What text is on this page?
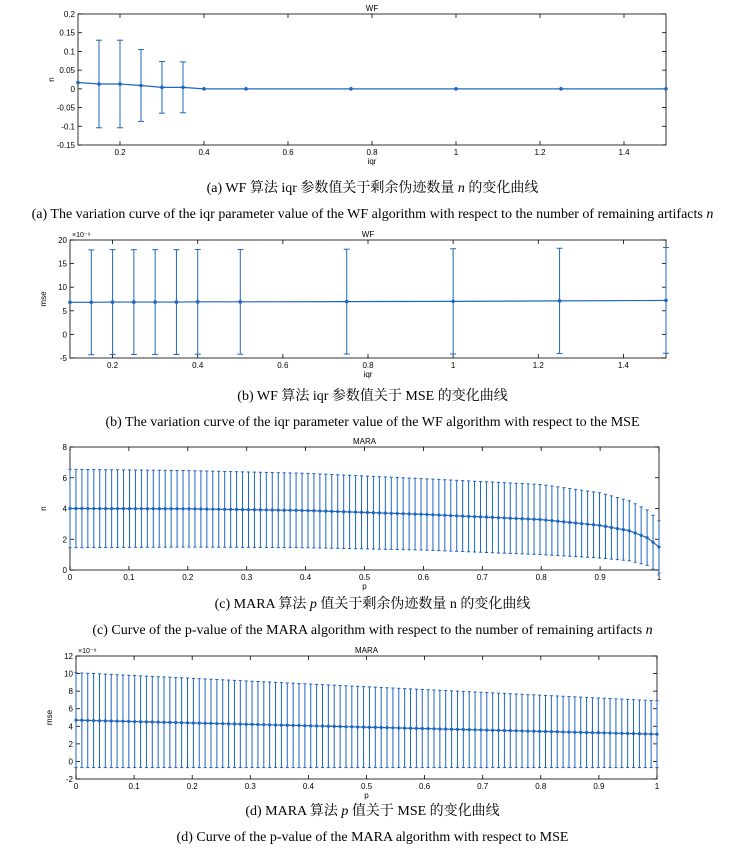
WF
0.2	0.4	0.6	0.8	1	1.2	1.4
-0.15
-0.1
-0.05
0
0.05
0.1
0.15
0.2
iqr
n
(a) WF 算法 iqr 参数值关于剩余伪迹数量 n 的变化曲线
(a) The variation curve of the iqr parameter value of the WF algorithm with respect to the number of remaining artifacts n
WF
0.2	0.4	0.6	0.8	1	1.2	1.4
-5
0
5
10
15
20
×10⁻⁹
iqr
mse
(b) WF 算法 iqr 参数值关于 MSE 的变化曲线
(b) The variation curve of the iqr parameter value of the WF algorithm with respect to the MSE
MARA
0	0.1	0.2	0.3	0.4	0.5	0.6	0.7	0.8	0.9	1
0
2
4
6
8
p
n
(c) MARA 算法 p 值关于剩余伪迹数量 n 的变化曲线
(c) Curve of the p-value of the MARA algorithm with respect to the number of remaining artifacts n
MARA
0	0.1	0.2	0.3	0.4	0.5	0.6	0.7	0.8	0.9	1
-2
0
2
4
6
8
10
12
×10⁻⁹
p
mse
(d) MARA 算法 p 值关于 MSE 的变化曲线
(d) Curve of the p-value of the MARA algorithm with respect to MSE
